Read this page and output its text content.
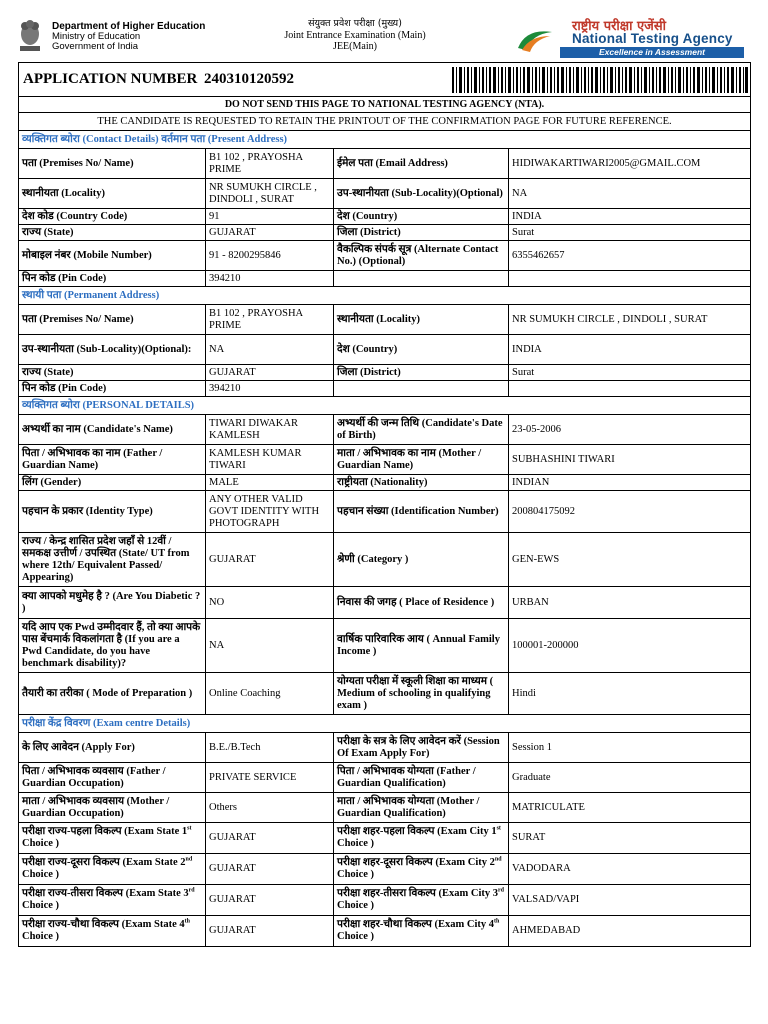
Department of Higher Education
Ministry of Education
Government of India
संयुक्त प्रवेश परीक्षा (मुख्य)
Joint Entrance Examination (Main)
JEE(Main)
राष्ट्रीय परीक्षा एजेंसी
National Testing Agency
Excellence in Assessment
APPLICATION NUMBER 240310120592	

DO NOT SEND THIS PAGE TO NATIONAL TESTING AGENCY (NTA).			
THE CANDIDATE IS REQUESTED TO RETAIN THE PRINTOUT OF THE CONFIRMATION PAGE FOR FUTURE REFERENCE.			
व्यक्तिगत ब्योरा (Contact Details) वर्तमान पता (Present Address)			
पता (Premises No/ Name)	B1 102 , PRAYOSHA PRIME	ईमेल पता (Email Address)	HIDIWAKARTIWARI2005@GMAIL.COM
स्थानीयता (Locality)	NR SUMUKH CIRCLE , DINDOLI , SURAT	उप-स्थानीयता (Sub-Locality)(Optional)	NA
देश कोड (Country Code)	91	देश (Country)	INDIA
राज्य (State)	GUJARAT	जिला (District)	Surat
मोबाइल नंबर (Mobile Number)	91 - 8200295846	वैकल्पिक संपर्क सूत्र (Alternate Contact No.) (Optional)	6355462657
पिन कोड (Pin Code)	394210		
स्थायी पता (Permanent Address)			
पता (Premises No/ Name)	B1 102 , PRAYOSHA PRIME	स्थानीयता (Locality)	NR SUMUKH CIRCLE , DINDOLI , SURAT
उप-स्थानीयता (Sub-Locality)(Optional):	NA	देश (Country)	INDIA
राज्य (State)	GUJARAT	जिला (District)	Surat
पिन कोड (Pin Code)	394210		
व्यक्तिगत ब्योरा (PERSONAL DETAILS)			
अभ्यर्थी का नाम (Candidate's Name)	TIWARI DIWAKAR KAMLESH	अभ्यर्थी की जन्म तिथि (Candidate's Date of Birth)	23-05-2006
पिता / अभिभावक का नाम (Father / Guardian Name)	KAMLESH KUMAR TIWARI	माता / अभिभावक का नाम (Mother / Guardian Name)	SUBHASHINI TIWARI
लिंग (Gender)	MALE	राष्ट्रीयता (Nationality)	INDIAN
पहचान के प्रकार (Identity Type)	ANY OTHER VALID GOVT IDENTITY WITH PHOTOGRAPH	पहचान संख्या (Identification Number)	200804175092
राज्य / केन्द्र शासित प्रदेश जहाँ से 12वीं / समकक्ष उत्तीर्ण / उपस्थित (State/ UT from where 12th/ Equivalent Passed/ Appearing)	GUJARAT	श्रेणी (Category )	GEN-EWS
क्या आपको मधुमेह है ? (Are You Diabetic ? )	NO	निवास की जगह ( Place of Residence )	URBAN
यदि आप एक Pwd उम्मीदवार हैं, तो क्या आपके पास बेंचमार्क विकलांगता है (If you are a Pwd Candidate, do you have benchmark disability)?	NA	वार्षिक पारिवारिक आय ( Annual Family Income )	100001-200000
तैयारी का तरीका ( Mode of Preparation )	Online Coaching	योग्यता परीक्षा में स्कूली शिक्षा का माध्यम ( Medium of schooling in qualifying exam )	Hindi
परीक्षा केंद्र विवरण (Exam centre Details)			
के लिए आवेदन (Apply For)	B.E./B.Tech	परीक्षा के सत्र के लिए आवेदन करें (Session Of Exam Apply For)	Session 1
पिता / अभिभावक व्यवसाय (Father / Guardian Occupation)	PRIVATE SERVICE	पिता / अभिभावक योग्यता (Father / Guardian Qualification)	Graduate
माता / अभिभावक व्यवसाय (Mother / Guardian Occupation)	Others	माता / अभिभावक योग्यता (Mother / Guardian Qualification)	MATRICULATE
परीक्षा राज्य-पहला विकल्प (Exam State 1st Choice )	GUJARAT	परीक्षा शहर-पहला विकल्प (Exam City 1st Choice )	SURAT
परीक्षा राज्य-दूसरा विकल्प (Exam State 2nd Choice )	GUJARAT	परीक्षा शहर-दूसरा विकल्प (Exam City 2nd Choice )	VADODARA
परीक्षा राज्य-तीसरा विकल्प (Exam State 3rd Choice )	GUJARAT	परीक्षा शहर-तीसरा विकल्प (Exam City 3rd Choice )	VALSAD/VAPI
परीक्षा राज्य-चौथा विकल्प (Exam State 4th Choice )	GUJARAT	परीक्षा शहर-चौथा विकल्प (Exam City 4th Choice )	AHMEDABAD
